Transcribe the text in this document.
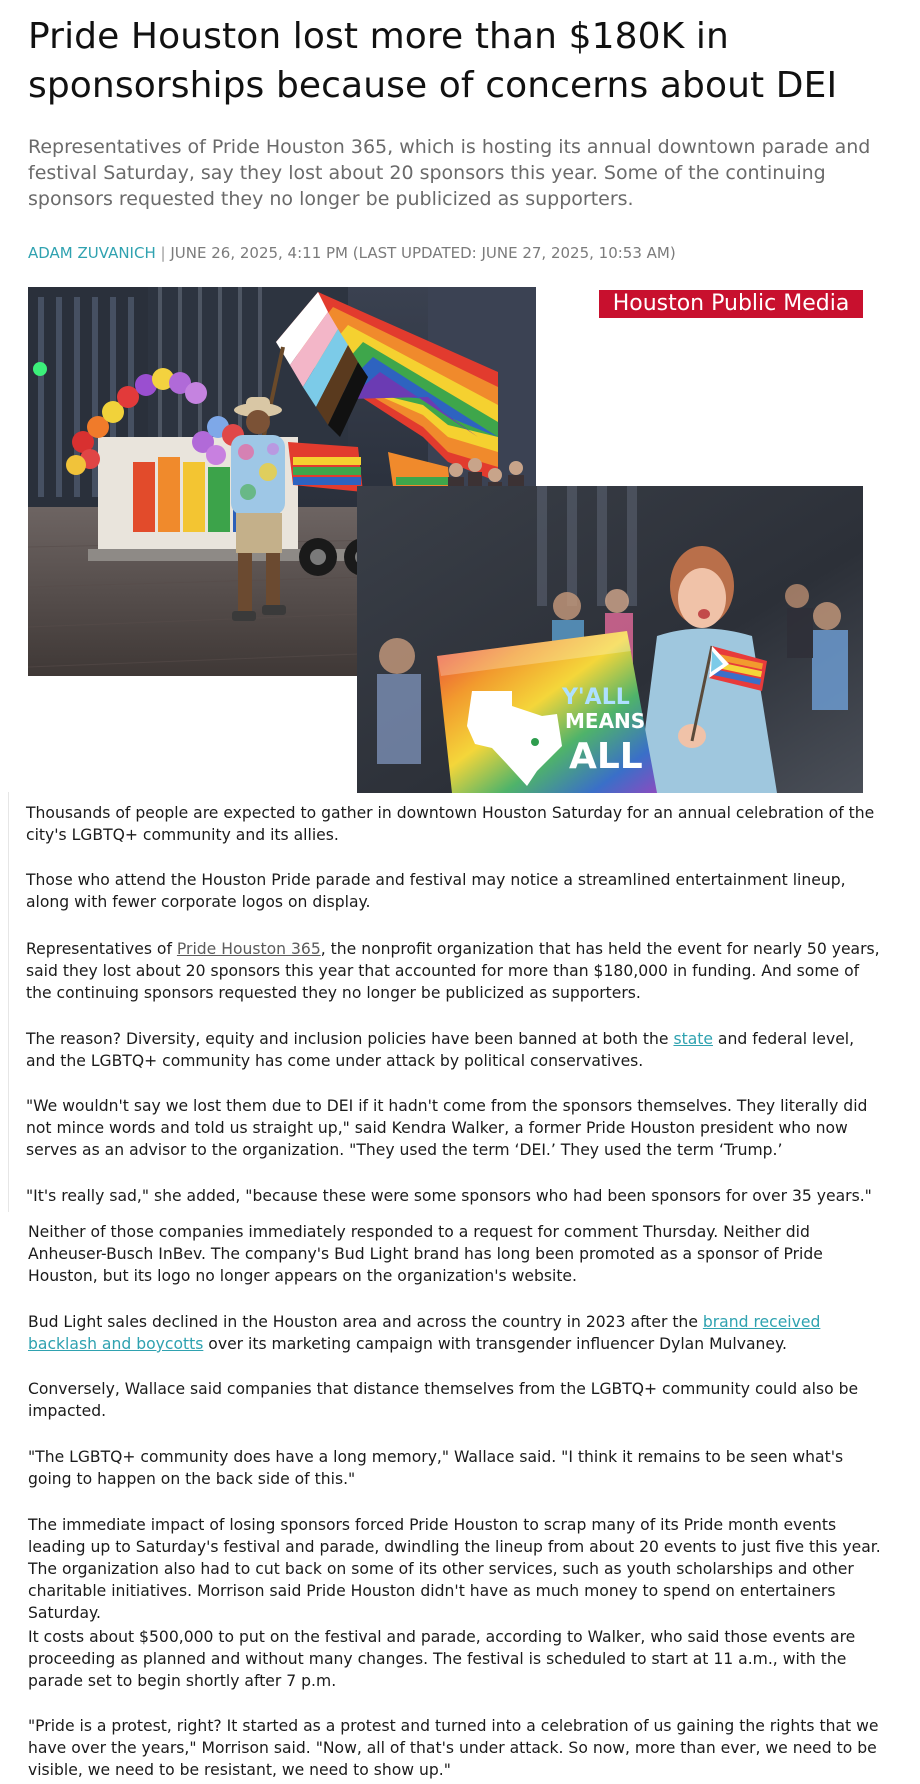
Pride Houston lost more than $180K in sponsorships because of concerns about DEI

Representatives of Pride Houston 365, which is hosting its annual downtown parade and festival Saturday, say they lost about 20 sponsors this year. Some of the continuing sponsors requested they no longer be publicized as supporters.

ADAM ZUVANICH | JUNE 26, 2025, 4:11 PM (LAST UPDATED: JUNE 27, 2025, 10:53 AM)
Y'ALL
MEANS
ALL
Houston Public Media

Thousands of people are expected to gather in downtown Houston Saturday for an annual celebration of the city's LGBTQ+ community and its allies.

Those who attend the Houston Pride parade and festival may notice a streamlined entertainment lineup, along with fewer corporate logos on display.

Representatives of Pride Houston 365, the nonprofit organization that has held the event for nearly 50 years, said they lost about 20 sponsors this year that accounted for more than $180,000 in funding. And some of the continuing sponsors requested they no longer be publicized as supporters.

The reason? Diversity, equity and inclusion policies have been banned at both the state and federal level, and the LGBTQ+ community has come under attack by political conservatives.

"We wouldn't say we lost them due to DEI if it hadn't come from the sponsors themselves. They literally did not mince words and told us straight up," said Kendra Walker, a former Pride Houston president who now serves as an advisor to the organization. "They used the term ‘DEI.’ They used the term ‘Trump.’

"It's really sad," she added, "because these were some sponsors who had been sponsors for over 35 years."

Neither of those companies immediately responded to a request for comment Thursday. Neither did Anheuser-Busch InBev. The company's Bud Light brand has long been promoted as a sponsor of Pride Houston, but its logo no longer appears on the organization's website.

Bud Light sales declined in the Houston area and across the country in 2023 after the brand received backlash and boycotts over its marketing campaign with transgender influencer Dylan Mulvaney.

Conversely, Wallace said companies that distance themselves from the LGBTQ+ community could also be impacted.

"The LGBTQ+ community does have a long memory," Wallace said. "I think it remains to be seen what's going to happen on the back side of this."

The immediate impact of losing sponsors forced Pride Houston to scrap many of its Pride month events leading up to Saturday's festival and parade, dwindling the lineup from about 20 events to just five this year. The organization also had to cut back on some of its other services, such as youth scholarships and other charitable initiatives. Morrison said Pride Houston didn't have as much money to spend on entertainers Saturday.

It costs about $500,000 to put on the festival and parade, according to Walker, who said those events are proceeding as planned and without many changes. The festival is scheduled to start at 11 a.m., with the parade set to begin shortly after 7 p.m.

"Pride is a protest, right? It started as a protest and turned into a celebration of us gaining the rights that we have over the years," Morrison said. "Now, all of that's under attack. So now, more than ever, we need to be visible, we need to be resistant, we need to show up."
